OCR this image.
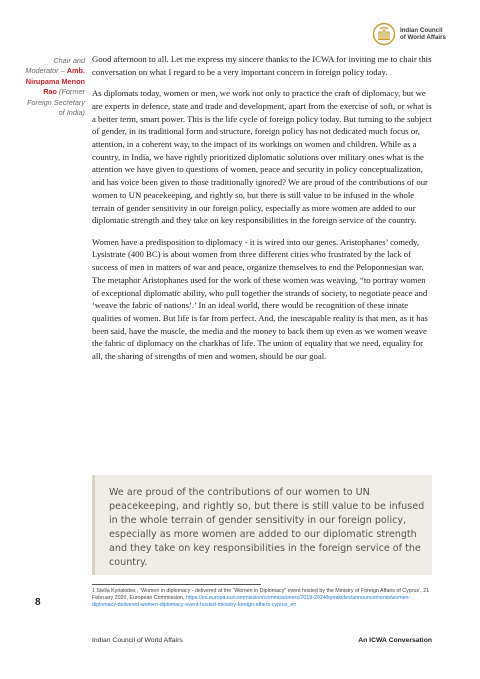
Indian Council
of World Affairs
Chair and Moderator – Amb. Nirupama Menon Rao (Former Foreign Secretary of India)

Good afternoon to all. Let me express my sincere thanks to the ICWA for inviting me to chair this conversation on what I regard to be a very important concern in foreign policy today.

As diplomats today, women or men, we work not only to practice the craft of diplomacy, but we are experts in defence, state and trade and development, apart from the exercise of soft, or what is a better term, smart power. This is the life cycle of foreign policy today. But turning to the subject of gender, in its traditional form and structure, foreign policy has not dedicated much focus or, attention, in a coherent way, to the impact of its workings on women and children. While as a country, in India, we have rightly prioritized diplomatic solutions over military ones what is the attention we have given to questions of women, peace and security in policy conceptualization, and has voice been given to those traditionally ignored? We are proud of the contributions of our women to UN peacekeeping, and rightly so, but there is still value to be infused in the whole terrain of gender sensitivity in our foreign policy, especially as more women are added to our diplomatic strength and they take on key responsibilities in the foreign service of the country.

Women have a predisposition to diplomacy - it is wired into our genes. Aristophanes’ comedy, Lysistrate (400 BC) is about women from three different cities who frustrated by the lack of success of men in matters of war and peace, organize themselves to end the Peloponnesian war. The metaphor Aristophanes used for the work of these women was weaving, “to portray women of exceptional diplomatic ability, who pull together the strands of society, to negotiate peace and ‘weave the fabric of nations’.’ In an ideal world, there would be recognition of these innate qualities of women. But life is far from perfect. And, the inescapable reality is that men, as it has been said, have the muscle, the media and the money to back them up even as we women weave the fabric of diplomacy on the charkhas of life. The union of equality that we need, equality for all, the sharing of strengths of men and women, should be our goal.

We are proud of the contributions of our women to UN peacekeeping, and rightly so, but there is still value to be infused in the whole terrain of gender sensitivity in our foreign policy, especially as more women are added to our diplomatic strength and they take on key responsibilities in the foreign service of the country.
1 Stella Kyriakides , ‘Women in diplomacy - delivered at the “Women in Diplomacy” event hosted by the Ministry of Foreign Affairs of Cyprus’, 21 February 2020, European Commission, https://ec.europa.eu/commission/commissioners/2019-2024/kyriakides/announcements/women-diplomacy-delivered-women-diplomacy-event-hosted-ministry-foreign-affairs-cyprus_en
8
Indian Council of World Affairs	An ICWA Conversation
